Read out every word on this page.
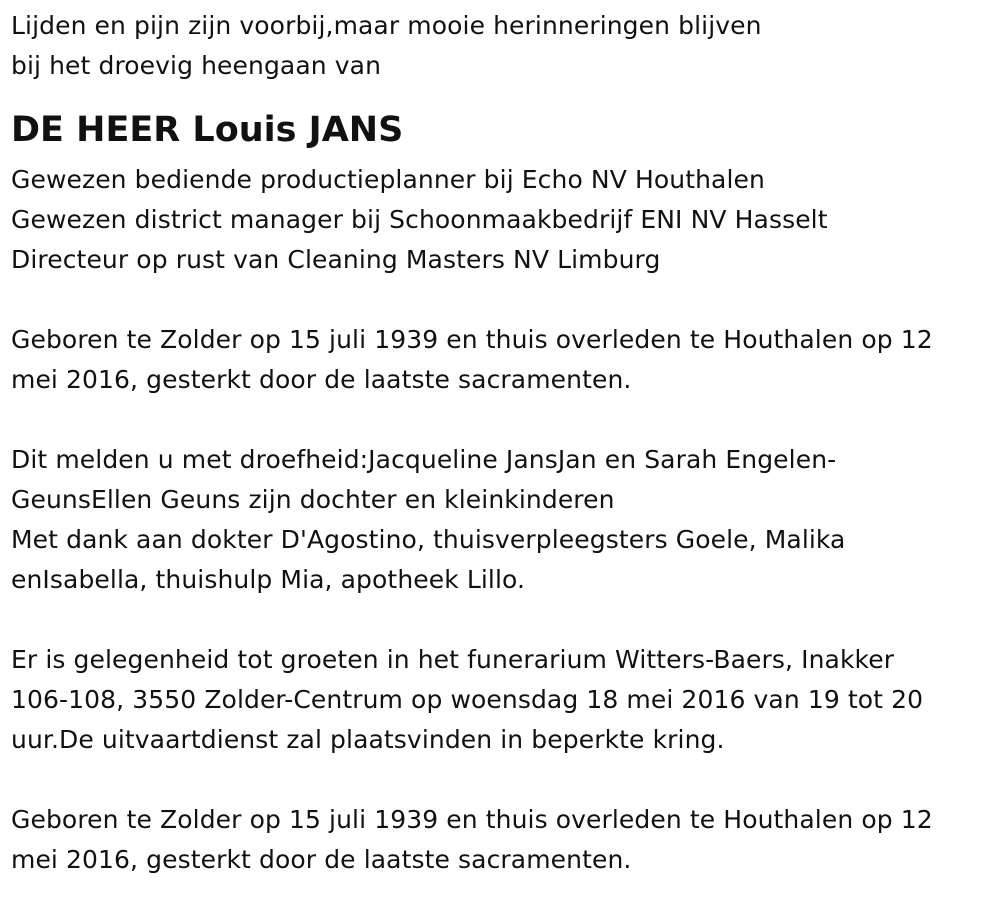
Lijden en pijn zijn voorbij,maar mooie herinneringen blijven
bij het droevig heengaan van
DE HEER Louis JANS
Gewezen bediende productieplanner bij Echo NV Houthalen
Gewezen district manager bij Schoonmaakbedrijf ENI NV Hasselt
Directeur op rust van Cleaning Masters NV Limburg
Geboren te Zolder op 15 juli 1939 en thuis overleden te Houthalen op 12
mei 2016, gesterkt door de laatste sacramenten.
Dit melden u met droefheid:Jacqueline JansJan en Sarah Engelen-
GeunsEllen Geuns zijn dochter en kleinkinderen
Met dank aan dokter D'Agostino, thuisverpleegsters Goele, Malika
enIsabella, thuishulp Mia, apotheek Lillo.
Er is gelegenheid tot groeten in het funerarium Witters-Baers, Inakker
106-108, 3550 Zolder-Centrum op woensdag 18 mei 2016 van 19 tot 20
uur.De uitvaartdienst zal plaatsvinden in beperkte kring.
Geboren te Zolder op 15 juli 1939 en thuis overleden te Houthalen op 12
mei 2016, gesterkt door de laatste sacramenten.
